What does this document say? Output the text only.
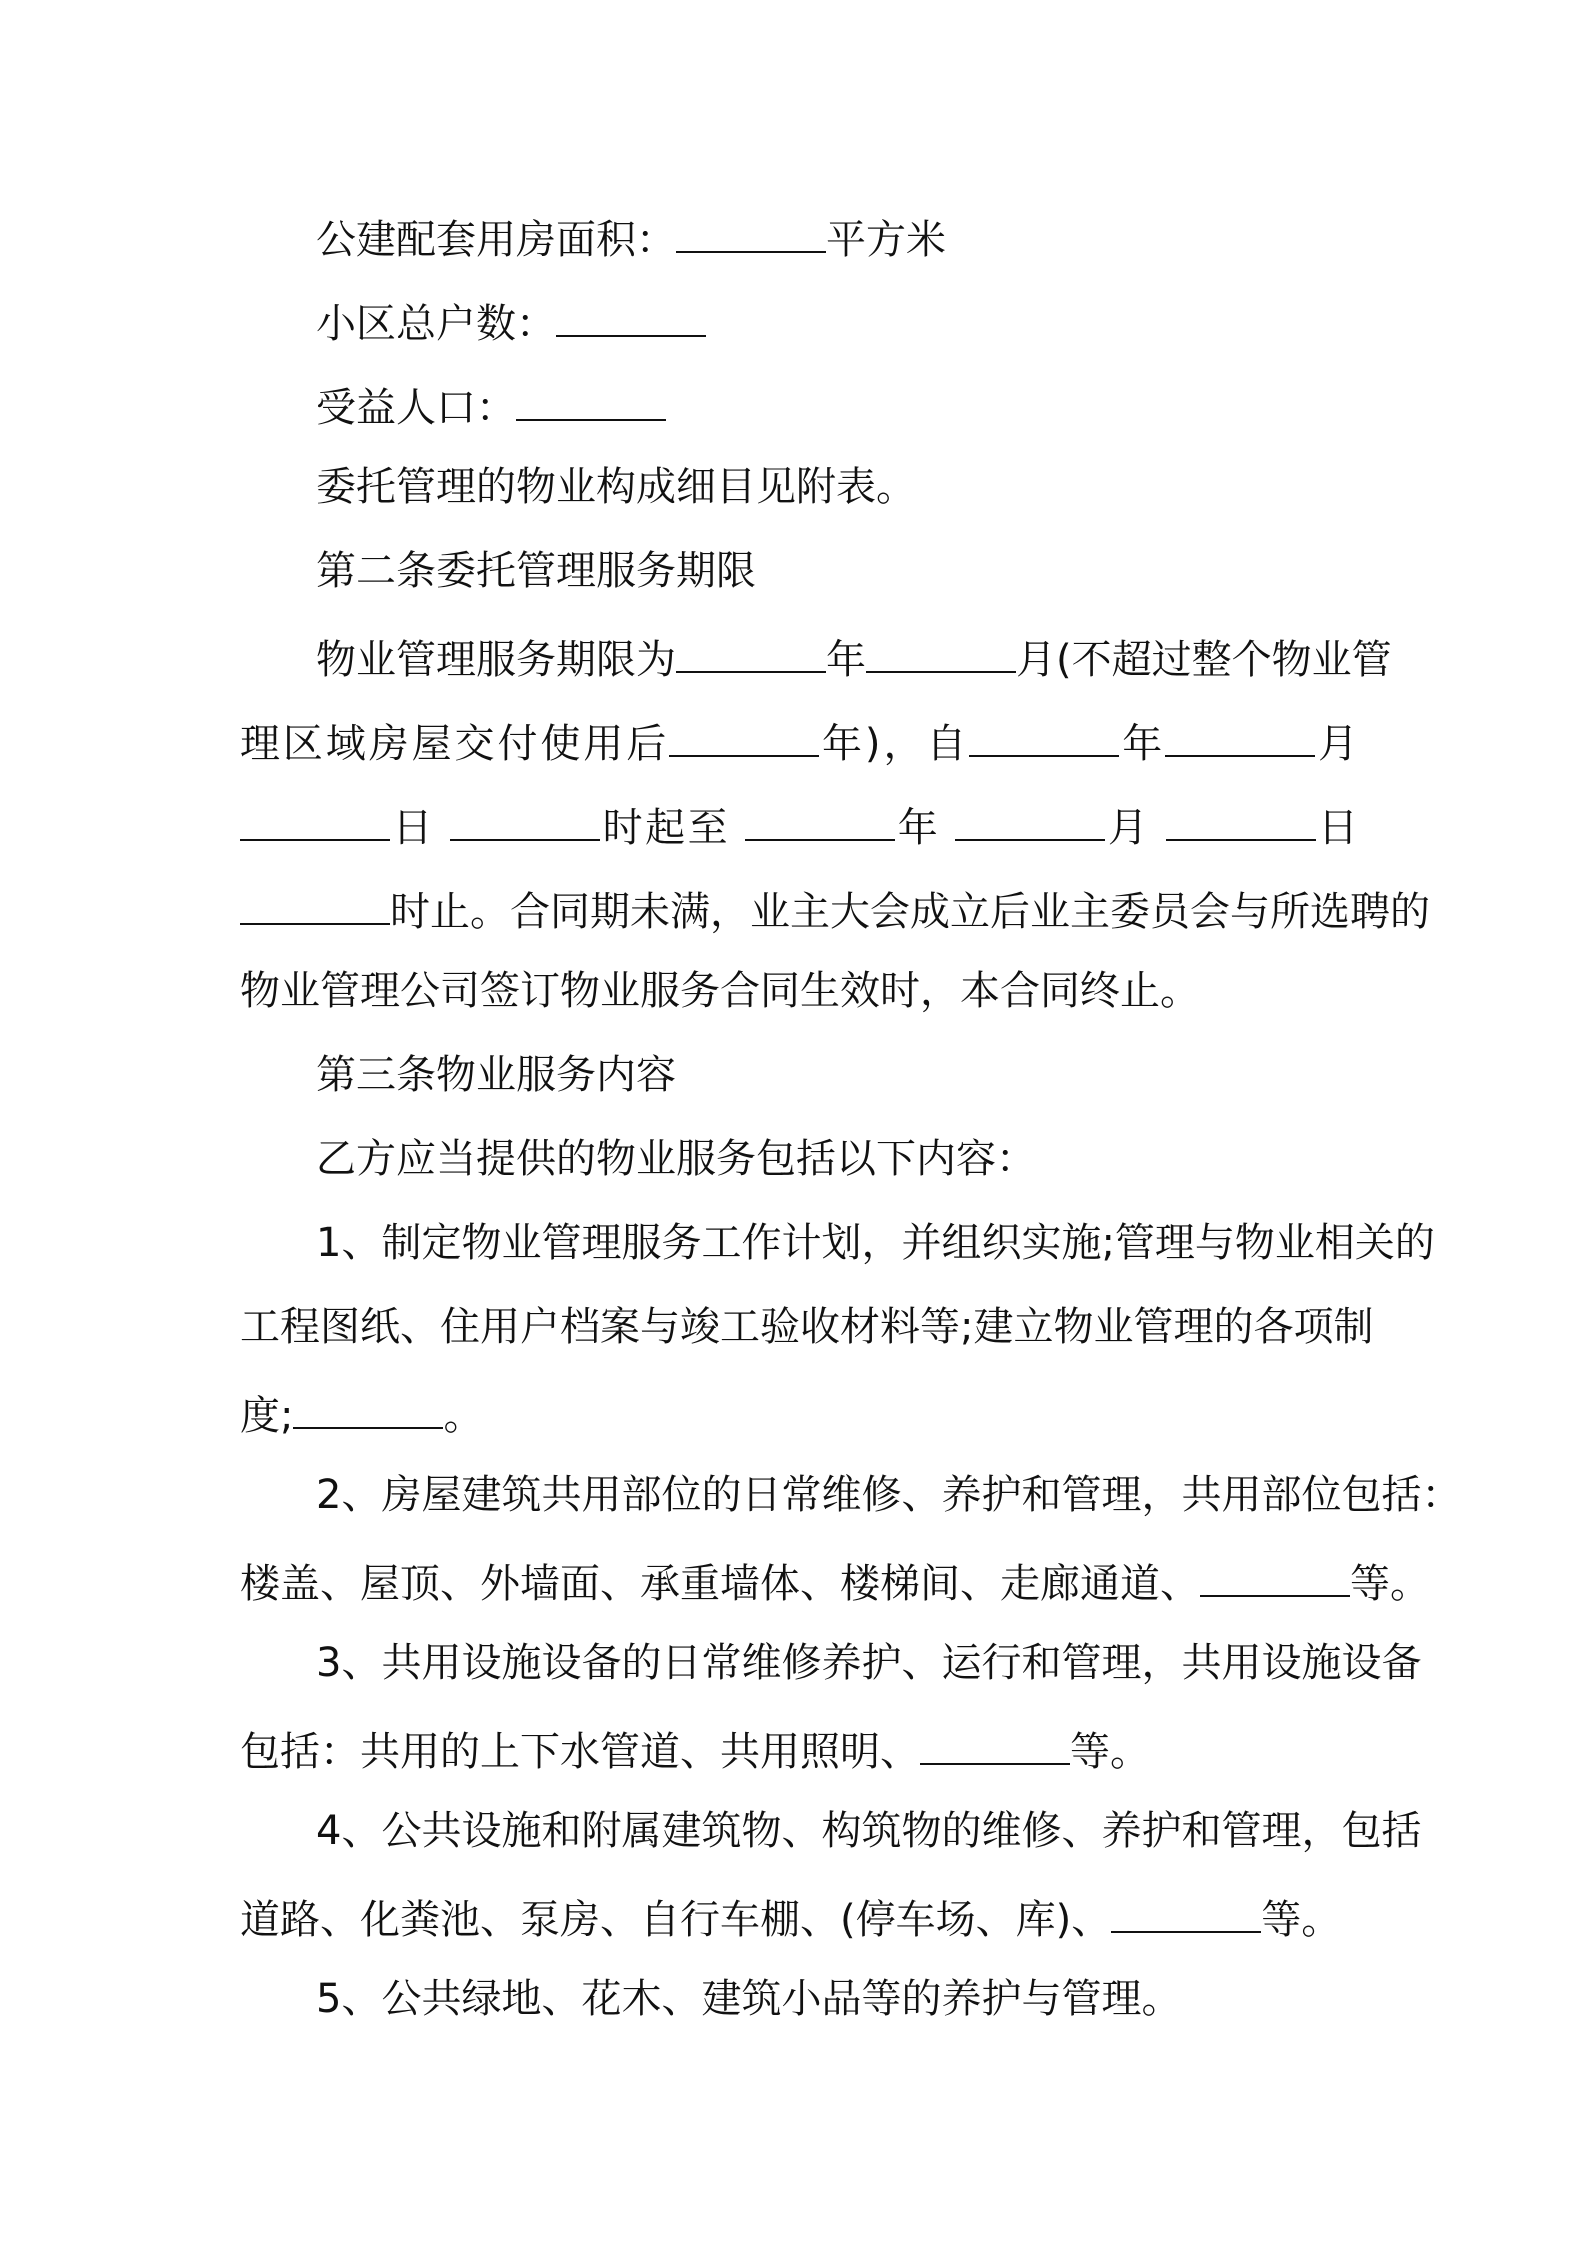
公建配套用房面积：	平方米
小区总户数：
受益人口：
委托管理的物业构成细目见附表。
第二条委托管理服务期限
物业管理服务期限为	年	月(不超过整个物业管
理区域房屋交付使用后	年)，自	年	月
日	时起至	年	月	日
时止。合同期未满，业主大会成立后业主委员会与所选聘的
物业管理公司签订物业服务合同生效时，本合同终止。
第三条物业服务内容
乙方应当提供的物业服务包括以下内容：
1、制定物业管理服务工作计划，并组织实施;管理与物业相关的
工程图纸、住用户档案与竣工验收材料等;建立物业管理的各项制
度;	。
2、房屋建筑共用部位的日常维修、养护和管理，共用部位包括：
楼盖、屋顶、外墙面、承重墙体、楼梯间、走廊通道、	等。
3、共用设施设备的日常维修养护、运行和管理，共用设施设备
包括：共用的上下水管道、共用照明、	等。
4、公共设施和附属建筑物、构筑物的维修、养护和管理，包括
道路、化粪池、泵房、自行车棚、(停车场、库)、	等。
5、公共绿地、花木、建筑小品等的养护与管理。
